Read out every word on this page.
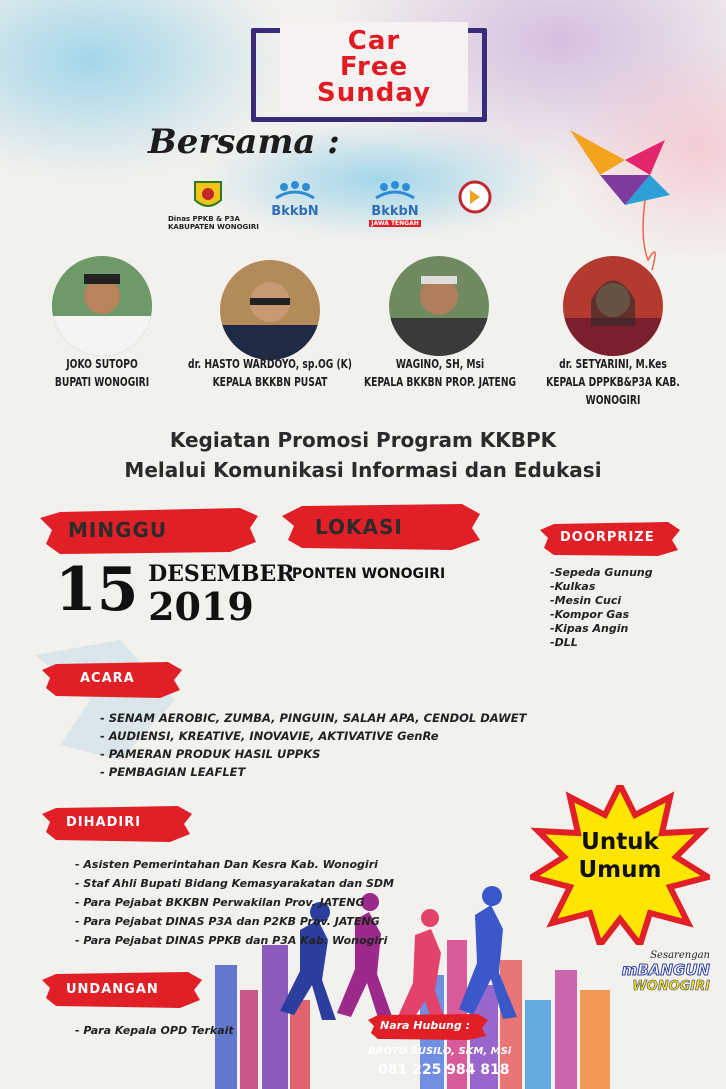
Car
Free
Sunday
Bersama :
Dinas PPKB & P3A
KABUPATEN WONOGIRI
BkkbN	BkkbN
JAWA TENGAH
JOKO SUTOPO
BUPATI WONOGIRI
dr. HASTO WARDOYO, sp.OG (K)
KEPALA BKKBN PUSAT
WAGINO, SH, Msi
KEPALA BKKBN PROP. JATENG
dr. SETYARINI, M.Kes
KEPALA DPPKB&P3A KAB. WONOGIRI
Kegiatan Promosi Program KKBPK
Melalui Komunikasi Informasi dan Edukasi
MINGGU
15 DESEMBER
2019
LOKASI
PONTEN WONOGIRI
DOORPRIZE
-Sepeda Gunung
-Kulkas
-Mesin Cuci
-Kompor Gas
-Kipas Angin
-DLL
ACARA
- SENAM AEROBIC, ZUMBA, PINGUIN, SALAH APA, CENDOL DAWET
- AUDIENSI, KREATIVE, INOVAVIE, AKTIVATIVE GenRe
- PAMERAN PRODUK HASIL UPPKS
- PEMBAGIAN LEAFLET
DIHADIRI
- Asisten Pemerintahan Dan Kesra Kab. Wonogiri
- Staf Ahli Bupati Bidang Kemasyarakatan dan SDM
- Para Pejabat BKKBN Perwakilan Prov. JATENG
- Para Pejabat DINAS P3A dan P2KB Prov. JATENG
- Para Pejabat DINAS PPKB dan P3A Kab. Wonogiri
Untuk
Umum
UNDANGAN
- Para Kepala OPD Terkait
Sesarengan
mBANGUN
WONOGIRI
Nara Hubung :
BROTO SUSILO, SKM, MSi
081 225 984 818
